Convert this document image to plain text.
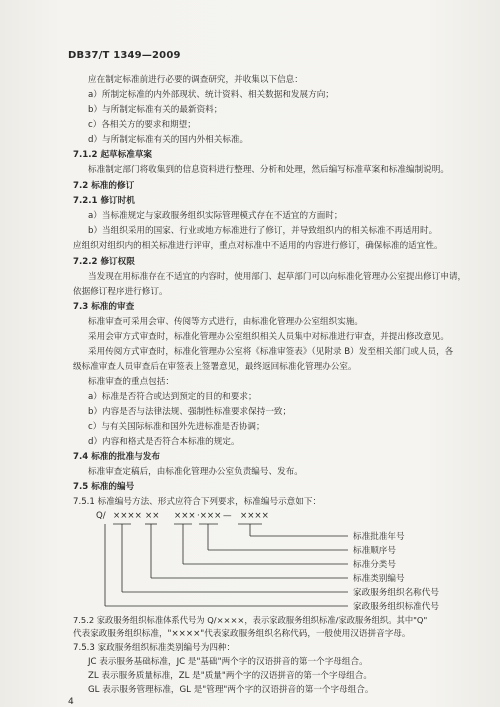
DB37/T 1349—2009
应在制定标准前进行必要的调查研究，并收集以下信息：
a）所制定标准的内外部现状、统计资料、相关数据和发展方向；
b）与所制定标准有关的最新资料；
c）各相关方的要求和期望；
d）与所制定标准有关的国内外相关标准。
7.1.2 起草标准草案
标准制定部门将收集到的信息资料进行整理、分析和处理，然后编写标准草案和标准编制说明。
7.2 标准的修订
7.2.1 修订时机
a）当标准规定与家政服务组织实际管理模式存在不适宜的方面时；
b）当组织采用的国家、行业或地方标准进行了修订，并导致组织内的相关标准不再适用时。
应组织对组织内的相关标准进行评审，重点对标准中不适用的内容进行修订，确保标准的适宜性。
7.2.2 修订权限
当发现在用标准存在不适宜的内容时，使用部门、起草部门可以向标准化管理办公室提出修订申请，
依据修订程序进行修订。
7.3 标准的审查
标准审查可采用会审、传阅等方式进行，由标准化管理办公室组织实施。
采用会审方式审查时，标准化管理办公室组织相关人员集中对标准进行审查，并提出修改意见。
采用传阅方式审查时，标准化管理办公室将《标准审签表》（见附录 B）发至相关部门或人员，各
级标准审查人员审查后在审签表上签署意见，最终返回标准化管理办公室。
标准审查的重点包括：
a）标准是否符合或达到预定的目的和要求；
b）内容是否与法律法规、强制性标准要求保持一致；
c）与有关国际标准和国外先进标准是否协调；
d）内容和格式是否符合本标准的规定。
7.4 标准的批准与发布
标准审查定稿后，由标准化管理办公室负责编号、发布。
7.5 标准的编号
7.5.1 标准编号方法、形式应符合下列要求，标准编号示意如下：
Q/ ×××× ×× ××× ·××× — ××××
标准批准年号
标准顺序号
标准分类号
标准类别编号
家政服务组织名称代号
家政服务组织标准代号
7.5.2 家政服务组织标准体系代号为 Q/××××，表示家政服务组织标准/家政服务组织。其中"Q"
代表家政服务组织标准，"××××"代表家政服务组织名称代码，一般使用汉语拼音字母。
7.5.3 家政服务组织标准类别编号为四种：
JC 表示服务基础标准，JC 是"基础"两个字的汉语拼音的第一个字母组合。
ZL 表示服务质量标准，ZL 是"质量"两个字的汉语拼音的第一个字母组合。
GL 表示服务管理标准，GL 是"管理"两个字的汉语拼音的第一个字母组合。
4
